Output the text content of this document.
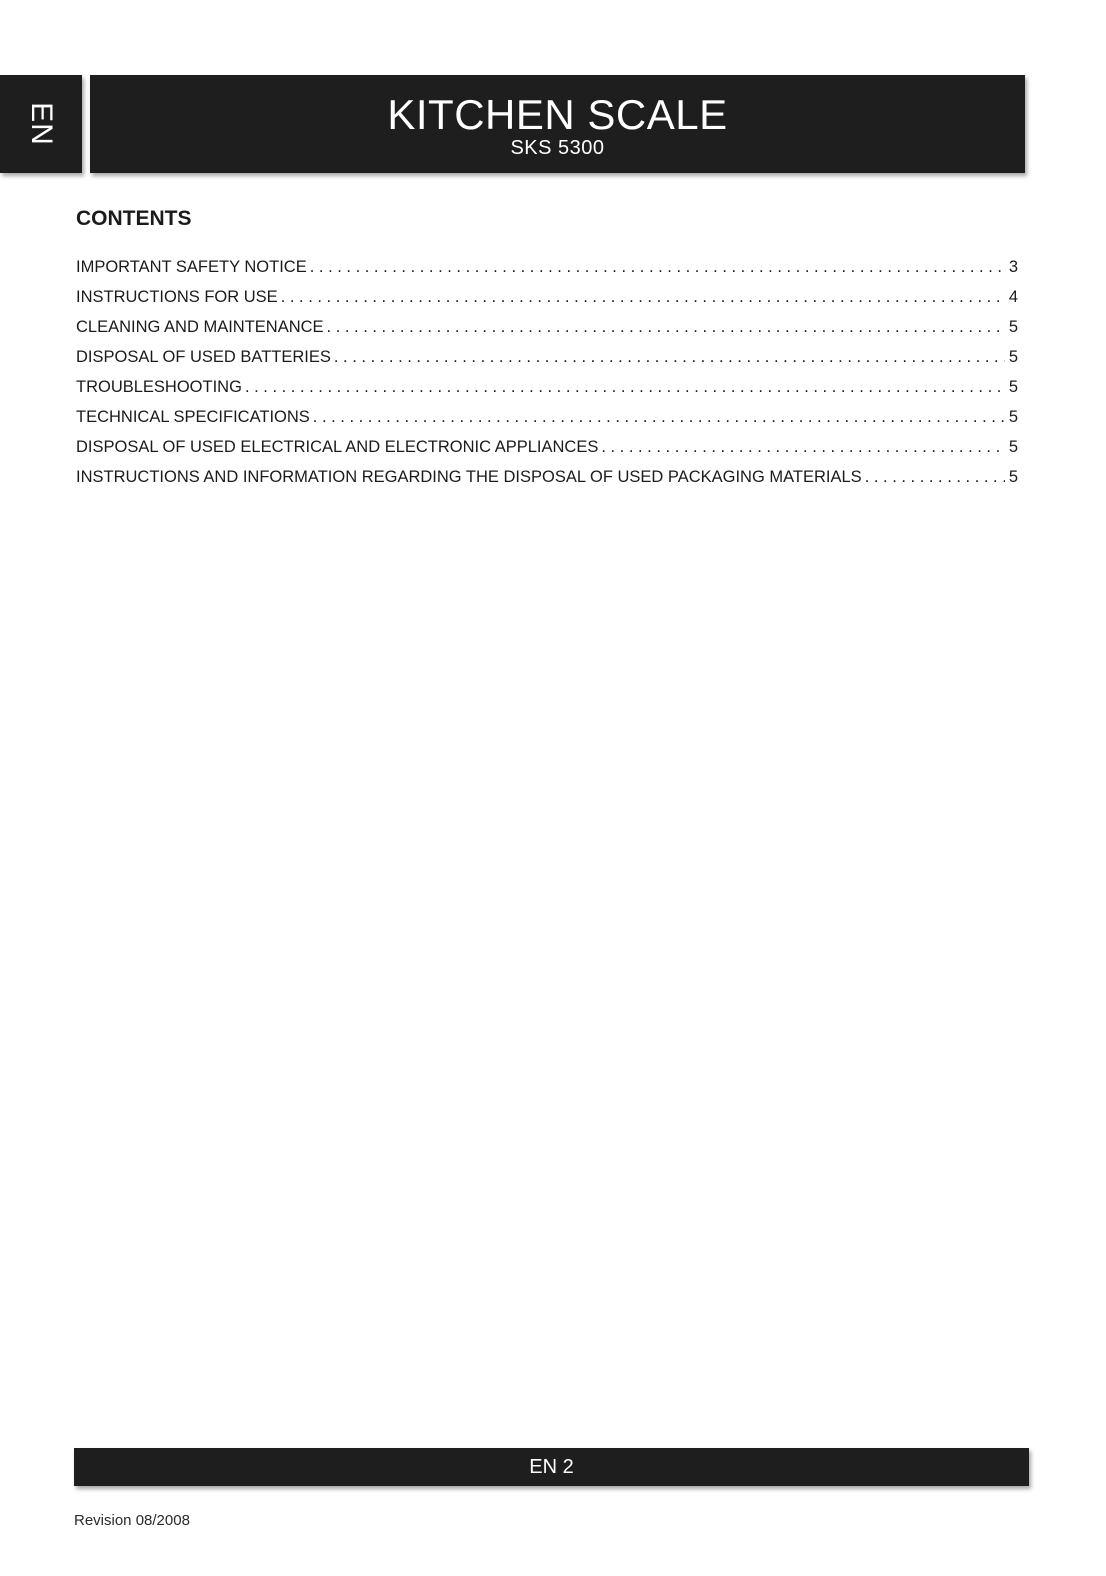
EN	KITCHEN SCALE
SKS 5300
CONTENTS
IMPORTANT SAFETY NOTICE . . .	3
INSTRUCTIONS FOR USE . . .	4
CLEANING AND MAINTENANCE . . .	5
DISPOSAL OF USED BATTERIES . . .	5
TROUBLESHOOTING . . .	5
TECHNICAL SPECIFICATIONS . . .	5
DISPOSAL OF USED ELECTRICAL AND ELECTRONIC APPLIANCES . . .	5
INSTRUCTIONS AND INFORMATION REGARDING THE DISPOSAL OF USED PACKAGING MATERIALS . . .	5
EN 2
Revision 08/2008
